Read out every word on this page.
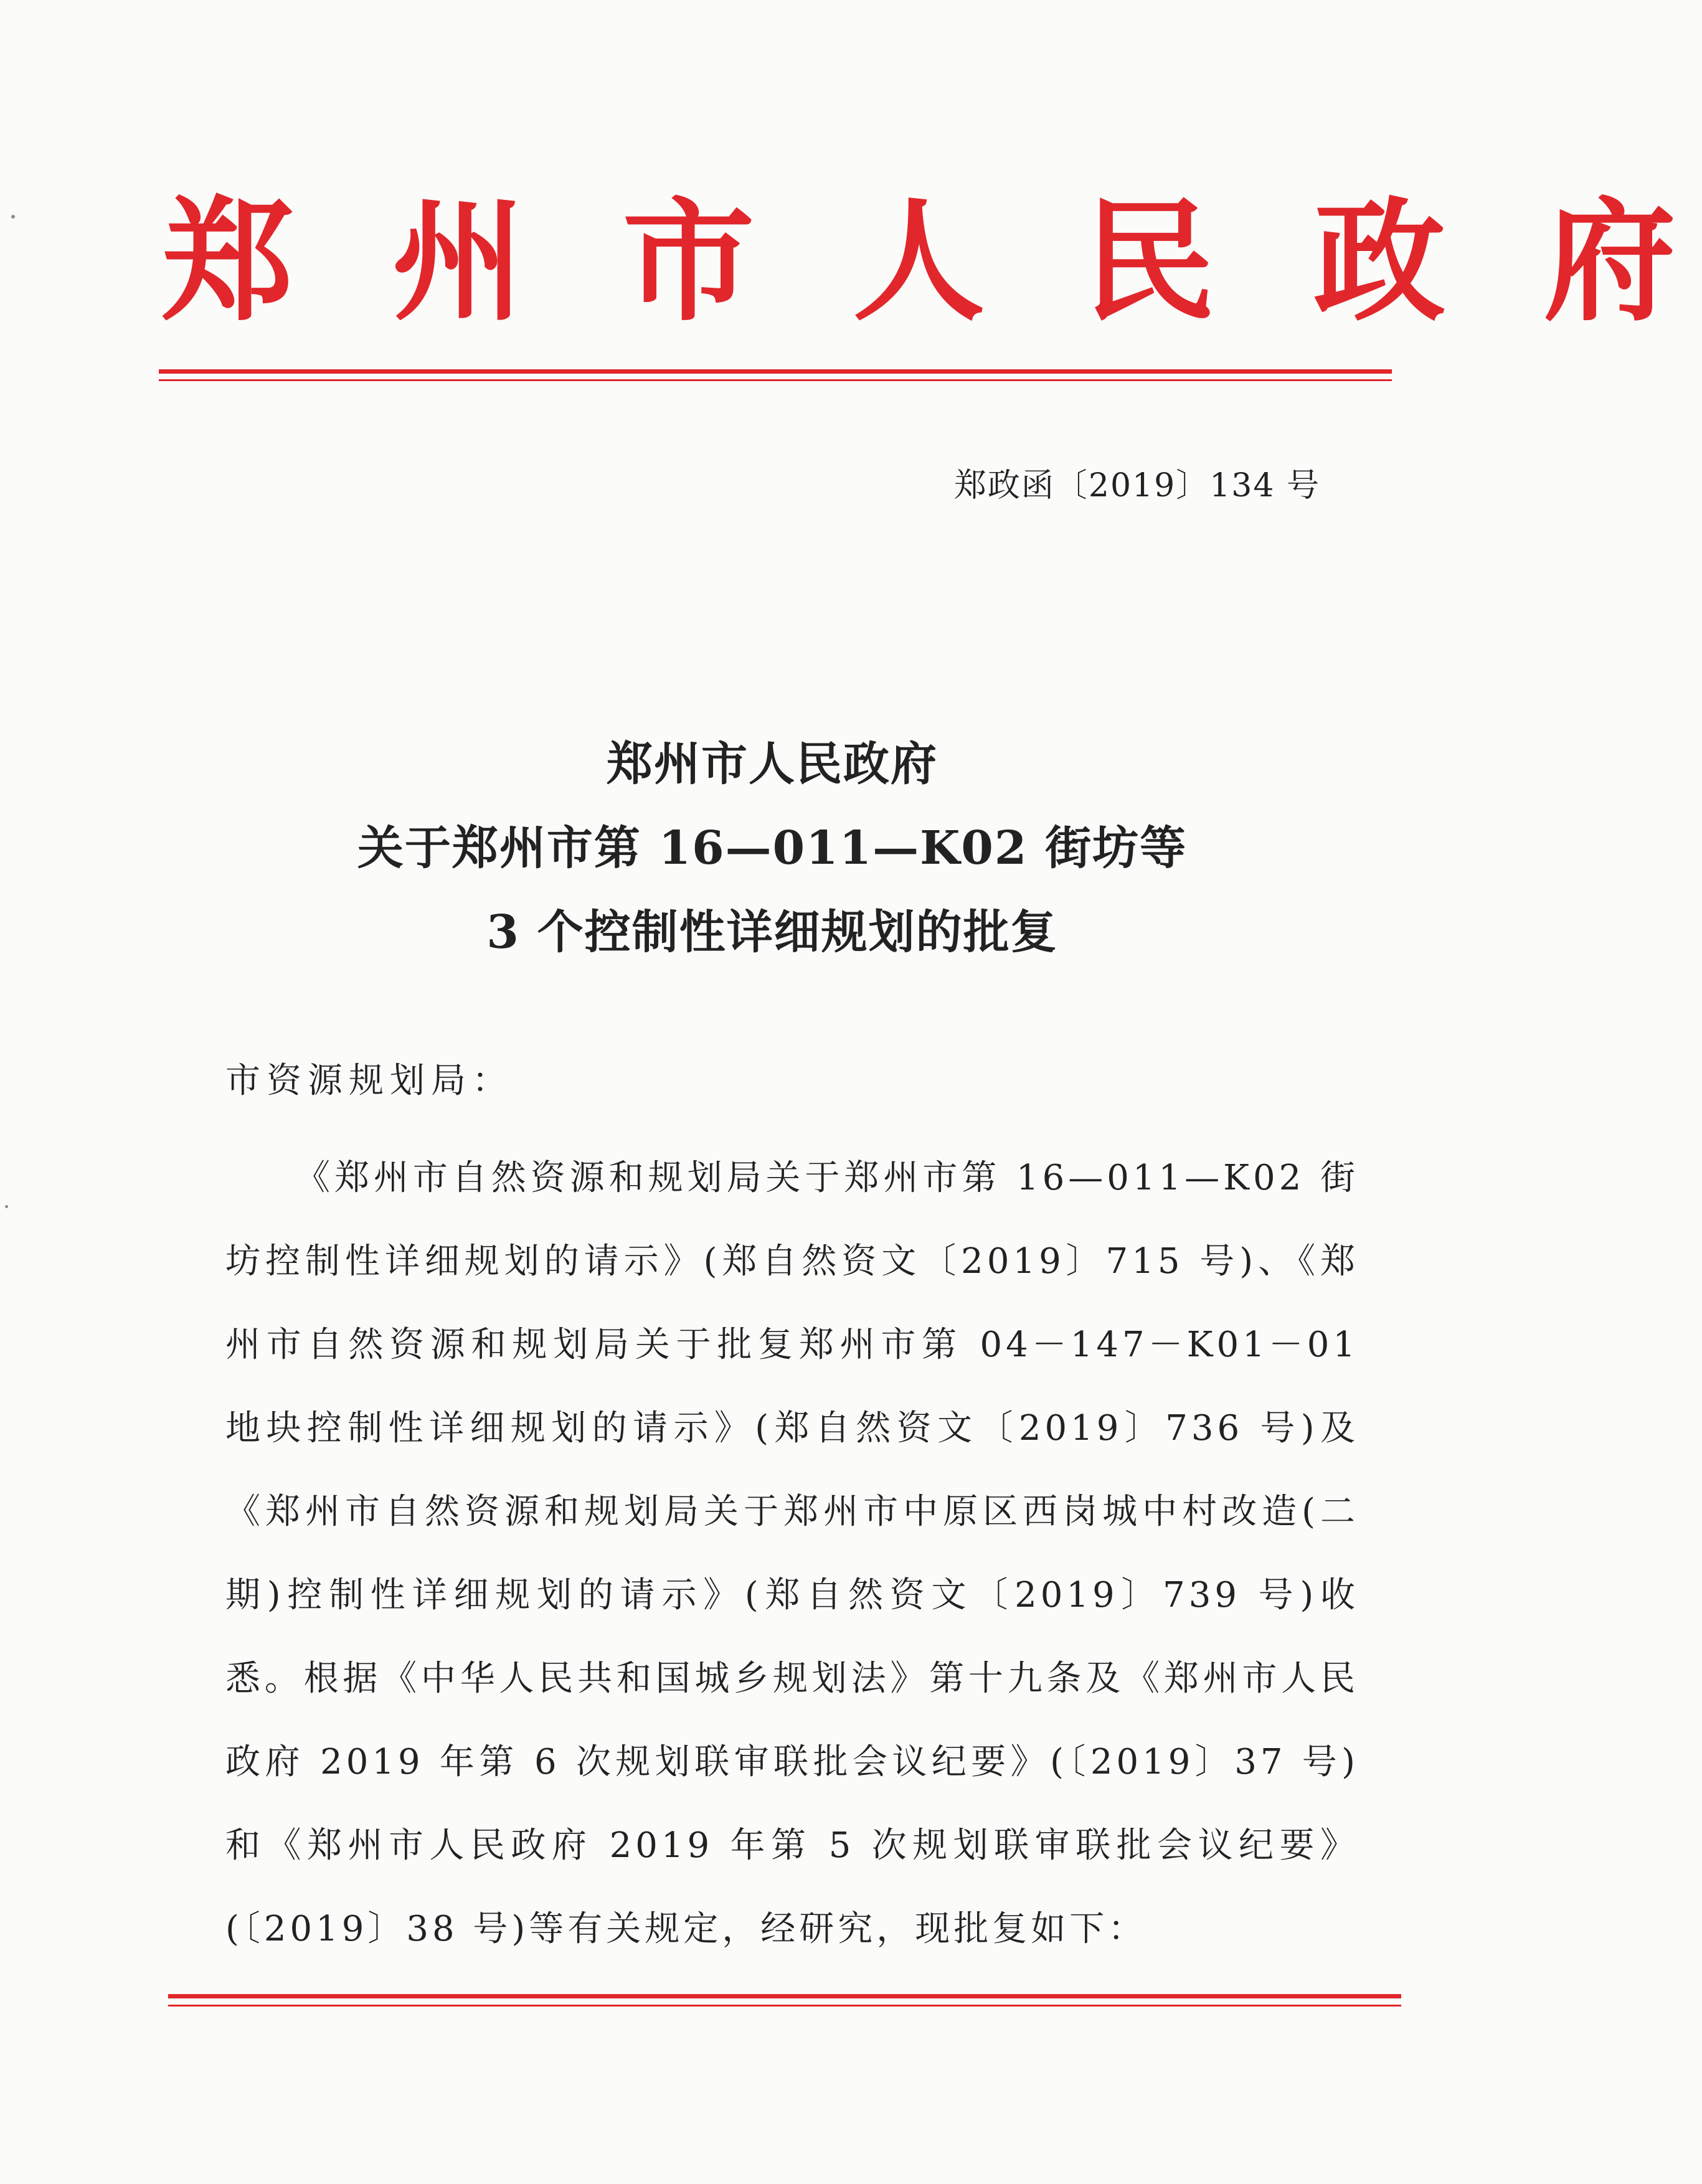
郑 州 市 人 民 政 府
郑政函〔2019〕134 号
郑州市人民政府
关于郑州市第 16—011—K02 街坊等
3 个控制性详细规划的批复
市资源规划局：

《郑州市自然资源和规划局关于郑州市第 16—011—K02 街坊控制性详细规划的请示》(郑自然资文〔2019〕715 号)、《郑州市自然资源和规划局关于批复郑州市第 04－147－K01－01 地块控制性详细规划的请示》(郑自然资文〔2019〕736 号)及《郑州市自然资源和规划局关于郑州市中原区西岗城中村改造(二期)控制性详细规划的请示》(郑自然资文〔2019〕739 号)收悉。根据《中华人民共和国城乡规划法》第十九条及《郑州市人民政府 2019 年第 6 次规划联审联批会议纪要》(〔2019〕37 号)和《郑州市人民政府 2019 年第 5 次规划联审联批会议纪要》(〔2019〕38 号)等有关规定，经研究，现批复如下：
